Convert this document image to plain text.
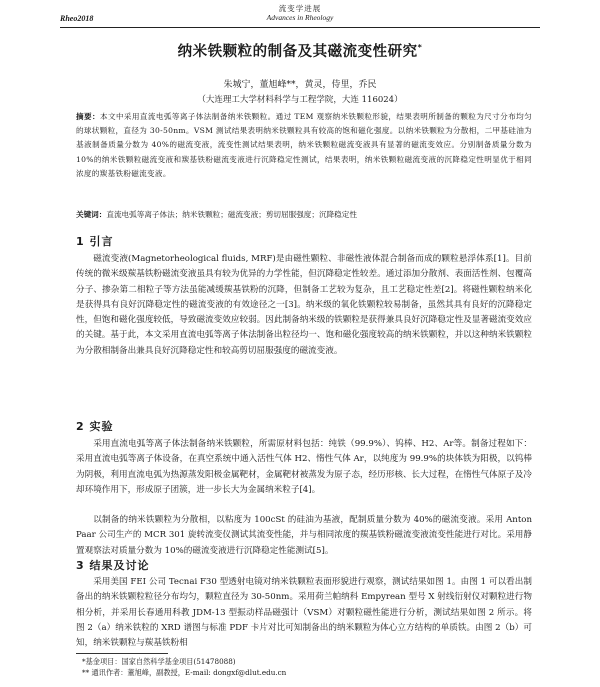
Rheo2018
流变学进展
Advances in Rheology
纳米铁颗粒的制备及其磁流变性研究*
朱城宁，董旭峰**，黄灵，侍里，乔民
（大连理工大学材料科学与工程学院，大连 116024）
摘要：本文中采用直流电弧等离子体法制备纳米铁颗粒。通过 TEM 观察纳米铁颗粒形貌，结果表明所制备的颗粒为尺寸分布均匀的球状颗粒，直径为 30-50nm。VSM 测试结果表明纳米铁颗粒具有较高的饱和磁化强度。以纳米铁颗粒为分散相，二甲基硅油为基液制备质量分数为 40%的磁流变液，流变性测试结果表明，纳米铁颗粒磁流变液具有显著的磁流变效应。分别制备质量分数为 10%的纳米铁颗粒磁流变液和羰基铁粉磁流变液进行沉降稳定性测试，结果表明，纳米铁颗粒磁流变液的沉降稳定性明显优于相同浓度的羰基铁粉磁流变液。
关键词：直流电弧等离子体法；纳米铁颗粒；磁流变液；剪切屈服强度；沉降稳定性
1 引言
磁流变液(Magnetorheological fluids, MRF)是由磁性颗粒、非磁性液体混合制备而成的颗粒悬浮体系[1]。目前传统的微米级羰基铁粉磁流变液虽具有较为优异的力学性能，但沉降稳定性较差。通过添加分散剂、表面活性剂、包覆高分子、掺杂第二相粒子等方法虽能减缓羰基铁粉的沉降，但制备工艺较为复杂，且工艺稳定性差[2]。将磁性颗粒纳米化是获得具有良好沉降稳定性的磁流变液的有效途径之一[3]。纳米级的氧化铁颗粒较易制备，虽然其具有良好的沉降稳定性，但饱和磁化强度较低，导致磁流变效应较弱。因此制备纳米级的铁颗粒是获得兼具良好沉降稳定性及显著磁流变效应的关键。基于此，本文采用直流电弧等离子体法制备出粒径均一、饱和磁化强度较高的纳米铁颗粒，并以这种纳米铁颗粒为分散相制备出兼具良好沉降稳定性和较高剪切屈服强度的磁流变液。
2 实验
采用直流电弧等离子体法制备纳米铁颗粒，所需原材料包括：纯铁（99.9%）、钨棒、H2、Ar等。制备过程如下：采用直流电弧等离子体设备，在真空系统中通入活性气体 H2、惰性气体 Ar，以纯度为 99.9%的块体铁为阳极，以钨棒为阴极，利用直流电弧为热源蒸发阳极金属靶材，金属靶材被蒸发为原子态，经历形核、长大过程，在惰性气体原子及冷却环境作用下，形成原子团簇，进一步长大为金属纳米粒子[4]。
以制备的纳米铁颗粒为分散相，以粘度为 100cSt 的硅油为基液，配制质量分数为 40%的磁流变液。采用 Anton Paar 公司生产的 MCR 301 旋转流变仪测试其流变性能，并与相同浓度的羰基铁粉磁流变液流变性能进行对比。采用静置观察法对质量分数为 10%的磁流变液进行沉降稳定性能测试[5]。
3 结果及讨论
采用美国 FEI 公司 Tecnai F30 型透射电镜对纳米铁颗粒表面形貌进行观察，测试结果如图 1。由图 1 可以看出制备出的纳米铁颗粒粒径分布均匀，颗粒直径为 30-50nm。采用荷兰帕纳科 Empyrean 型号 X 射线衍射仪对颗粒进行物相分析，并采用长春通用科教 JDM-13 型振动样品磁强计（VSM）对颗粒磁性能进行分析，测试结果如图 2 所示。将图 2（a）纳米铁粒的 XRD 谱图与标准 PDF 卡片对比可知制备出的纳米颗粒为体心立方结构的单质铁。由图 2（b）可知，纳米铁颗粒与羰基铁粉相
*基金项目：国家自然科学基金项目(51478088)
** 通讯作者：董旭峰，副教授，E-mail: dongxf@dlut.edu.cn
